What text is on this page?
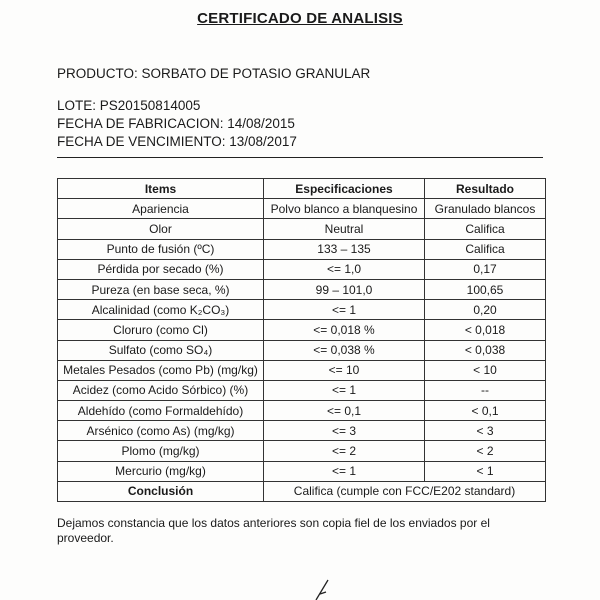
CERTIFICADO DE ANALISIS
PRODUCTO: SORBATO DE POTASIO GRANULAR
LOTE: PS20150814005
FECHA DE FABRICACION: 14/08/2015
FECHA DE VENCIMIENTO: 13/08/2017
Items	Especificaciones	Resultado
Apariencia	Polvo blanco a blanquesino	Granulado blancos
Olor	Neutral	Califica
Punto de fusión (ºC)	133 – 135	Califica
Pérdida por secado (%)	<= 1,0	0,17
Pureza (en base seca, %)	99 – 101,0	100,65
Alcalinidad (como K₂CO₃)	<= 1	0,20
Cloruro (como Cl)	<= 0,018 %	< 0,018
Sulfato (como SO₄)	<= 0,038 %	< 0,038
Metales Pesados (como Pb) (mg/kg)	<= 10	< 10
Acidez (como Acido Sórbico) (%)	<= 1	--
Aldehído (como Formaldehído)	<= 0,1	< 0,1
Arsénico (como As) (mg/kg)	<= 3	< 3
Plomo (mg/kg)	<= 2	< 2
Mercurio (mg/kg)	<= 1	< 1
Conclusión	Califica (cumple con FCC/E202 standard)	
Dejamos constancia que los datos anteriores son copia fiel de los enviados por el proveedor.
